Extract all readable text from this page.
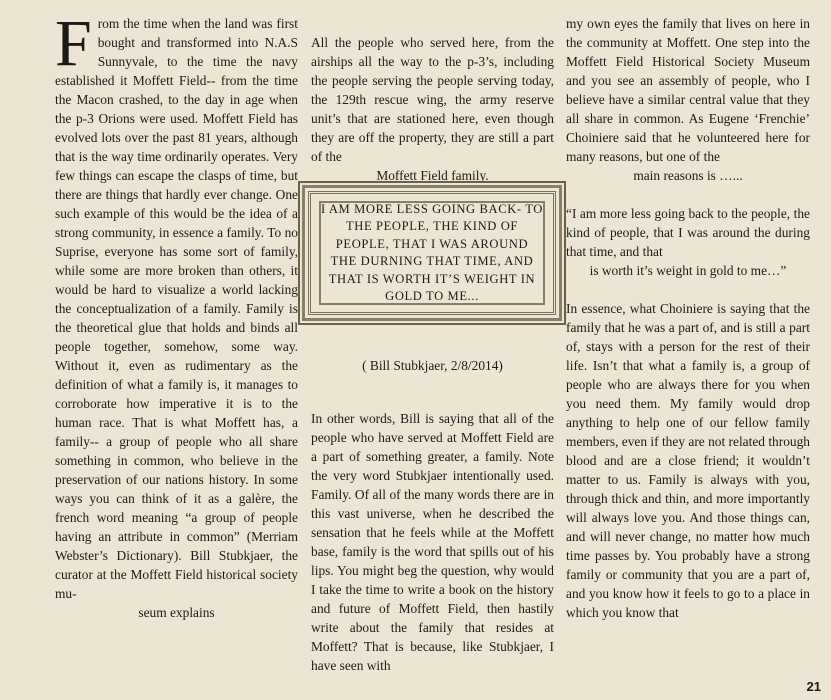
F rom the time when the land was first bought and transformed into N.A.S Sunnyvale, to the time the navy established it Moffett Field-- from the time the Macon crashed, to the day in age when the p-3 Orions were used. Moffett Field has evolved lots over the past 81 years, although that is the way time ordinarily operates. Very few things can escape the clasps of time, but there are things that hardly ever change. One such example of this would be the idea of a strong community, in essence a family. To no Suprise, everyone has some sort of family, while some are more broken than others, it would be hard to visualize a world lacking the conceptualization of a family. Family is the theoretical glue that holds and binds all people together, somehow, some way. Without it, even as rudimentary as the definition of what a family is, it manages to corroborate how imperative it is to the human race. That is what Moffett has, a family-- a group of people who all share something in common, who believe in the preservation of our nations history. In some ways you can think of it as a galère, the french word meaning “a group of people having an attribute in common” (Merriam Webster’s Dictionary). Bill Stubkjaer, the curator at the Moffett Field historical society mu-

seum explains

All the people who served here, from the airships all the way to the p-3’s, including the people serving the people serving today, the 129th rescue wing, the army reserve unit’s that are stationed here, even though they are off the property, they are still a part of the

Moffett Field family.

I AM MORE LESS GOING BACK- TO THE PEOPLE, THE KIND OF PEOPLE, THAT I WAS AROUND THE DURNING THAT TIME, AND THAT IS WORTH IT’S WEIGHT IN GOLD TO ME...
( Bill Stubkjaer, 2/8/2014)

In other words, Bill is saying that all of the people who have served at Moffett Field are a part of something greater, a family. Note the very word Stubkjaer intentionally used. Family. Of all of the many words there are in this vast universe, when he described the sensation that he feels while at the Moffett base, family is the word that spills out of his lips. You might beg the question, why would I take the time to write a book on the history and future of Moffett Field, then hastily write about the family that resides at Moffett? That is because, like Stubkjaer, I have seen with

my own eyes the family that lives on here in the community at Moffett. One step into the Moffett Field Historical Society Museum and you see an assembly of people, who I believe have a similar central value that they all share in common. As Eugene ‘Frenchie’ Choiniere said that he volunteered here for many reasons, but one of the

main reasons is …...

“I am more less going back to the people, the kind of people, that I was around the during that time, and that

is worth it’s weight in gold to me…”

In essence, what Choiniere is saying that the family that he was a part of, and is still a part of, stays with a person for the rest of their life. Isn’t that what a family is, a group of people who are always there for you when you need them. My family would drop anything to help one of our fellow family members, even if they are not related through blood and are a close friend; it wouldn’t matter to us. Family is always with you, through thick and thin, and more importantly will always love you. And those things can, and will never change, no matter how much time passes by. You probably have a strong family or community that you are a part of, and you know how it feels to go to a place in which you know that

21
